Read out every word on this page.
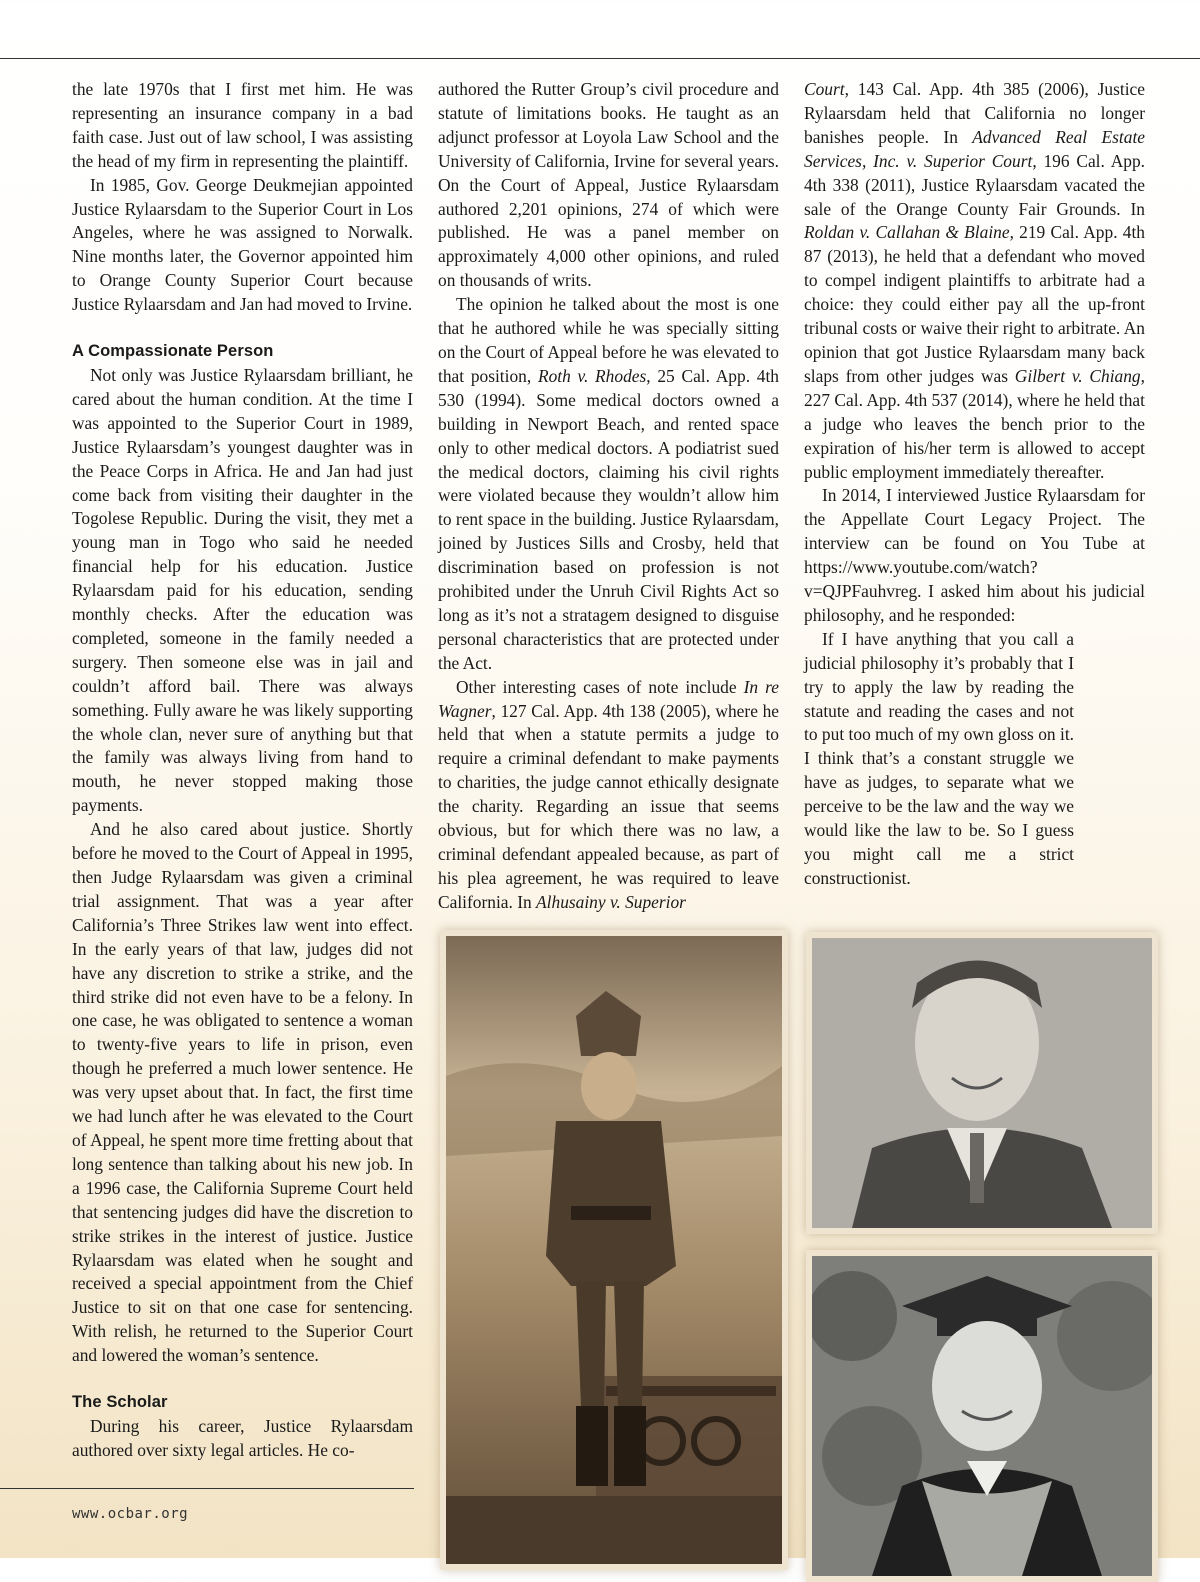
the late 1970s that I first met him. He was representing an insurance company in a bad faith case. Just out of law school, I was assisting the head of my firm in representing the plaintiff.

In 1985, Gov. George Deukmejian appointed Justice Rylaarsdam to the Superior Court in Los Angeles, where he was assigned to Norwalk. Nine months later, the Governor appointed him to Orange County Superior Court because Justice Rylaarsdam and Jan had moved to Irvine.

A Compassionate Person

Not only was Justice Rylaarsdam brilliant, he cared about the human condition. At the time I was appointed to the Superior Court in 1989, Justice Rylaarsdam’s youngest daughter was in the Peace Corps in Africa. He and Jan had just come back from visiting their daughter in the Togolese Republic. During the visit, they met a young man in Togo who said he needed financial help for his education. Justice Rylaarsdam paid for his education, sending monthly checks. After the education was completed, someone in the family needed a surgery. Then someone else was in jail and couldn’t afford bail. There was always something. Fully aware he was likely supporting the whole clan, never sure of anything but that the family was always living from hand to mouth, he never stopped making those payments.

And he also cared about justice. Shortly before he moved to the Court of Appeal in 1995, then Judge Rylaarsdam was given a criminal trial assignment. That was a year after California’s Three Strikes law went into effect. In the early years of that law, judges did not have any discretion to strike a strike, and the third strike did not even have to be a felony. In one case, he was obligated to sentence a woman to twenty-five years to life in prison, even though he preferred a much lower sentence. He was very upset about that. In fact, the first time we had lunch after he was elevated to the Court of Appeal, he spent more time fretting about that long sentence than talking about his new job. In a 1996 case, the California Supreme Court held that sentencing judges did have the discretion to strike strikes in the interest of justice. Justice Rylaarsdam was elated when he sought and received a special appointment from the Chief Justice to sit on that one case for sentencing. With relish, he returned to the Superior Court and lowered the woman’s sentence.

The Scholar

During his career, Justice Rylaarsdam authored over sixty legal articles. He co-

authored the Rutter Group’s civil procedure and statute of limitations books. He taught as an adjunct professor at Loyola Law School and the University of California, Irvine for several years. On the Court of Appeal, Justice Rylaarsdam authored 2,201 opinions, 274 of which were published. He was a panel member on approximately 4,000 other opinions, and ruled on thousands of writs.

The opinion he talked about the most is one that he authored while he was specially sitting on the Court of Appeal before he was elevated to that position, Roth v. Rhodes, 25 Cal. App. 4th 530 (1994). Some medical doctors owned a building in Newport Beach, and rented space only to other medical doctors. A podiatrist sued the medical doctors, claiming his civil rights were violated because they wouldn’t allow him to rent space in the building. Justice Rylaarsdam, joined by Justices Sills and Crosby, held that discrimination based on profession is not prohibited under the Unruh Civil Rights Act so long as it’s not a stratagem designed to disguise personal characteristics that are protected under the Act.

Other interesting cases of note include In re Wagner, 127 Cal. App. 4th 138 (2005), where he held that when a statute permits a judge to require a criminal defendant to make payments to charities, the judge cannot ethically designate the charity. Regarding an issue that seems obvious, but for which there was no law, a criminal defendant appealed because, as part of his plea agreement, he was required to leave California. In Alhusainy v. Superior

Court, 143 Cal. App. 4th 385 (2006), Justice Rylaarsdam held that California no longer banishes people. In Advanced Real Estate Services, Inc. v. Superior Court, 196 Cal. App. 4th 338 (2011), Justice Rylaarsdam vacated the sale of the Orange County Fair Grounds. In Roldan v. Callahan & Blaine, 219 Cal. App. 4th 87 (2013), he held that a defendant who moved to compel indigent plaintiffs to arbitrate had a choice: they could either pay all the up-front tribunal costs or waive their right to arbitrate. An opinion that got Justice Rylaarsdam many back slaps from other judges was Gilbert v. Chiang, 227 Cal. App. 4th 537 (2014), where he held that a judge who leaves the bench prior to the expiration of his/her term is allowed to accept public employment immediately thereafter.

In 2014, I interviewed Justice Rylaarsdam for the Appellate Court Legacy Project. The interview can be found on You Tube at https://www.youtube.com/watch?v=QJPFauhvreg. I asked him about his judicial philosophy, and he responded:

If I have anything that you call a judicial philosophy it’s probably that I try to apply the law by reading the statute and reading the cases and not to put too much of my own gloss on it. I think that’s a constant struggle we have as judges, to separate what we perceive to be the law and the way we would like the law to be. So I guess you might call me a strict constructionist.

www.ocbar.org
